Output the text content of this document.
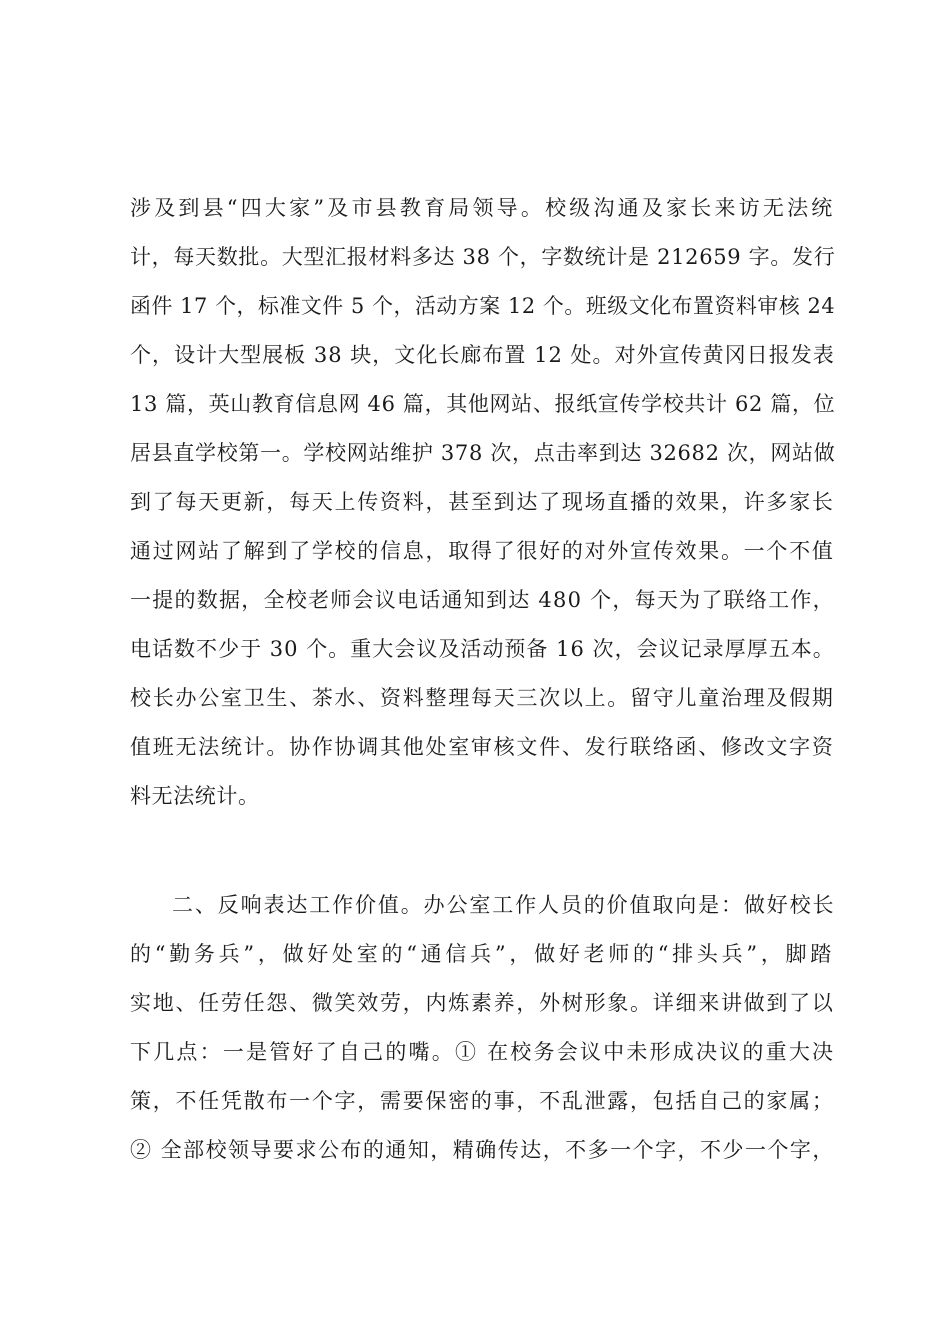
涉及到县“四大家”及市县教育局领导。校级沟通及家长来访无法统
计，每天数批。大型汇报材料多达 38 个，字数统计是 212659 字。发行
函件 17 个，标准文件 5 个，活动方案 12 个。班级文化布置资料审核 24
个，设计大型展板 38 块，文化长廊布置 12 处。对外宣传黄冈日报发表
13 篇，英山教育信息网 46 篇，其他网站、报纸宣传学校共计 62 篇，位
居县直学校第一。学校网站维护 378 次，点击率到达 32682 次，网站做
到了每天更新，每天上传资料，甚至到达了现场直播的效果，许多家长
通过网站了解到了学校的信息，取得了很好的对外宣传效果。一个不值
一提的数据，全校老师会议电话通知到达 480 个，每天为了联络工作，
电话数不少于 30 个。重大会议及活动预备 16 次，会议记录厚厚五本。
校长办公室卫生、茶水、资料整理每天三次以上。留守儿童治理及假期
值班无法统计。协作协调其他处室审核文件、发行联络函、修改文字资
料无法统计。
二、反响表达工作价值。办公室工作人员的价值取向是：做好校长
的“勤务兵”，做好处室的“通信兵”，做好老师的“排头兵”，脚踏
实地、任劳任怨、微笑效劳，内炼素养，外树形象。详细来讲做到了以
下几点：一是管好了自己的嘴。① 在校务会议中未形成决议的重大决
策，不任凭散布一个字，需要保密的事，不乱泄露，包括自己的家属；
② 全部校领导要求公布的通知，精确传达，不多一个字，不少一个字，
